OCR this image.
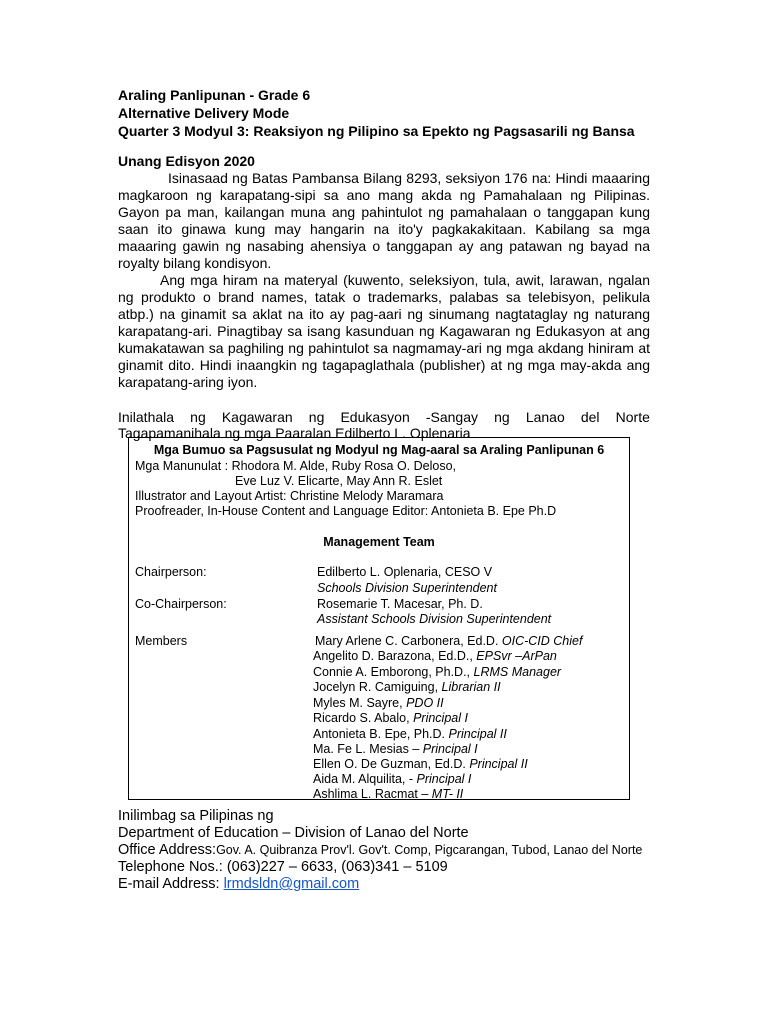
Araling Panlipunan - Grade 6
Alternative Delivery Mode
Quarter 3 Modyul 3: Reaksiyon ng Pilipino sa Epekto ng Pagsasarili ng Bansa
Unang Edisyon 2020

Isinasaad ng Batas Pambansa Bilang 8293, seksiyon 176 na: Hindi maaaring magkaroon ng karapatang-sipi sa ano mang akda ng Pamahalaan ng Pilipinas. Gayon pa man, kailangan muna ang pahintulot ng pamahalaan o tanggapan kung saan ito ginawa kung may hangarin na ito'y pagkakakitaan. Kabilang sa mga maaaring gawin ng nasabing ahensiya o tanggapan ay ang patawan ng bayad na royalty bilang kondisyon.

Ang mga hiram na materyal (kuwento, seleksiyon, tula, awit, larawan, ngalan ng produkto o brand names, tatak o trademarks, palabas sa telebisyon, pelikula atbp.) na ginamit sa aklat na ito ay pag-aari ng sinumang nagtataglay ng naturang karapatang-ari. Pinagtibay sa isang kasunduan ng Kagawaran ng Edukasyon at ang kumakatawan sa paghiling ng pahintulot sa nagmamay-ari ng mga akdang hiniram at ginamit dito. Hindi inaangkin ng tagapaglathala (publisher) at ng mga may-akda ang karapatang-aring iyon.

Inilathala ng Kagawaran ng Edukasyon -Sangay ng Lanao del Norte
Tagapamanihala ng mga Paaralan Edilberto L. Oplenaria
Mga Bumuo sa Pagsusulat ng Modyul ng Mag-aaral sa Araling Panlipunan 6
Mga Manunulat : Rhodora M. Alde, Ruby Rosa O. Deloso,
Eve Luz V. Elicarte, May Ann R. Eslet
Illustrator and Layout Artist: Christine Melody Maramara
Proofreader, In-House Content and Language Editor: Antonieta B. Epe Ph.D
Management Team
Chairperson:	Edilberto L. Oplenaria, CESO V
Schools Division Superintendent
Co-Chairperson:	Rosemarie T. Macesar, Ph. D.
Assistant Schools Division Superintendent
Members	Mary Arlene C. Carbonera, Ed.D. OIC-CID Chief
Angelito D. Barazona, Ed.D., EPSvr –ArPan
Connie A. Emborong, Ph.D., LRMS Manager
Jocelyn R. Camiguing, Librarian II
Myles M. Sayre, PDO II
Ricardo S. Abalo, Principal I
Antonieta B. Epe, Ph.D. Principal II
Ma. Fe L. Mesias – Principal I
Ellen O. De Guzman, Ed.D. Principal II
Aida M. Alquilita, - Principal I
Ashlima L. Racmat – MT- II
Inilimbag sa Pilipinas ng
Department of Education – Division of Lanao del Norte
Office Address:Gov. A. Quibranza Prov'l. Gov't. Comp, Pigcarangan, Tubod, Lanao del Norte
Telephone Nos.: (063)227 – 6633, (063)341 – 5109
E-mail Address: lrmdsldn@gmail.com
